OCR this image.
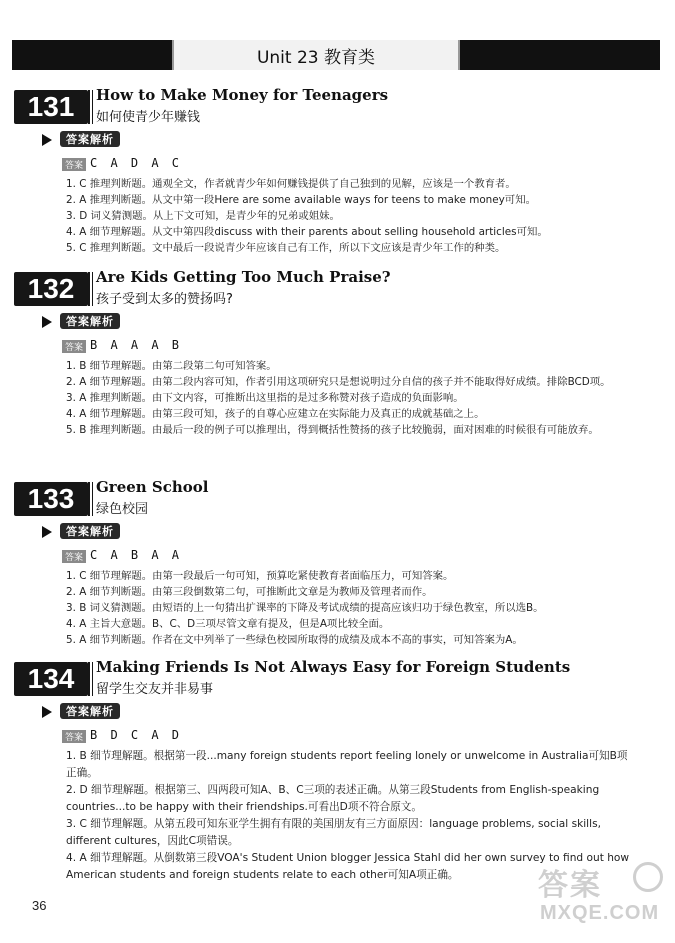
Unit 23 教育类
131	How to Make Money for Teenagers
如何使青少年赚钱
答案解析
答案 C A D A C

1. C 推理判断题。通观全文，作者就青少年如何赚钱提供了自己独到的见解，应该是一个教育者。

2. A 推理判断题。从文中第一段Here are some available ways for teens to make money可知。

3. D 词义猜测题。从上下文可知，是青少年的兄弟或姐妹。

4. A 细节理解题。从文中第四段discuss with their parents about selling household articles可知。

5. C 推理判断题。文中最后一段说青少年应该自己有工作，所以下文应该是青少年工作的种类。

132	Are Kids Getting Too Much Praise?
孩子受到太多的赞扬吗?
答案解析
答案 B A A A B

1. B 细节理解题。由第二段第二句可知答案。

2. A 细节理解题。由第二段内容可知，作者引用这项研究只是想说明过分自信的孩子并不能取得好成绩。排除BCD项。

3. A 推理判断题。由下文内容，可推断出这里指的是过多称赞对孩子造成的负面影响。

4. A 细节理解题。由第三段可知，孩子的自尊心应建立在实际能力及真正的成就基础之上。

5. B 推理判断题。由最后一段的例子可以推理出，得到概括性赞扬的孩子比较脆弱，面对困难的时候很有可能放弃。

133	Green School
绿色校园
答案解析
答案 C A B A A

1. C 细节理解题。由第一段最后一句可知，预算吃紧使教育者面临压力，可知答案。

2. A 细节判断题。由第三段倒数第二句，可推断此文章是为教师及管理者而作。

3. B 词义猜测题。由短语的上一句猜出扩课率的下降及考试成绩的提高应该归功于绿色教室，所以选B。

4. A 主旨大意题。B、C、D三项尽管文章有提及，但是A项比较全面。

5. A 细节判断题。作者在文中列举了一些绿色校园所取得的成绩及成本不高的事实，可知答案为A。

134	Making Friends Is Not Always Easy for Foreign Students
留学生交友并非易事
答案解析
答案 B D C A D

1. B 细节理解题。根据第一段...many foreign students report feeling lonely or unwelcome in Australia可知B项正确。

2. D 细节理解题。根据第三、四两段可知A、B、C三项的表述正确。从第三段Students from English-speaking countries...to be happy with their friendships.可看出D项不符合原文。

3. C 细节理解题。从第五段可知东亚学生拥有有限的美国朋友有三方面原因：language problems, social skills, different cultures，因此C项错误。

4. A 细节理解题。从倒数第三段VOA's Student Union blogger Jessica Stahl did her own survey to find out how American students and foreign students relate to each other可知A项正确。

36
答案
MXQE.COM
